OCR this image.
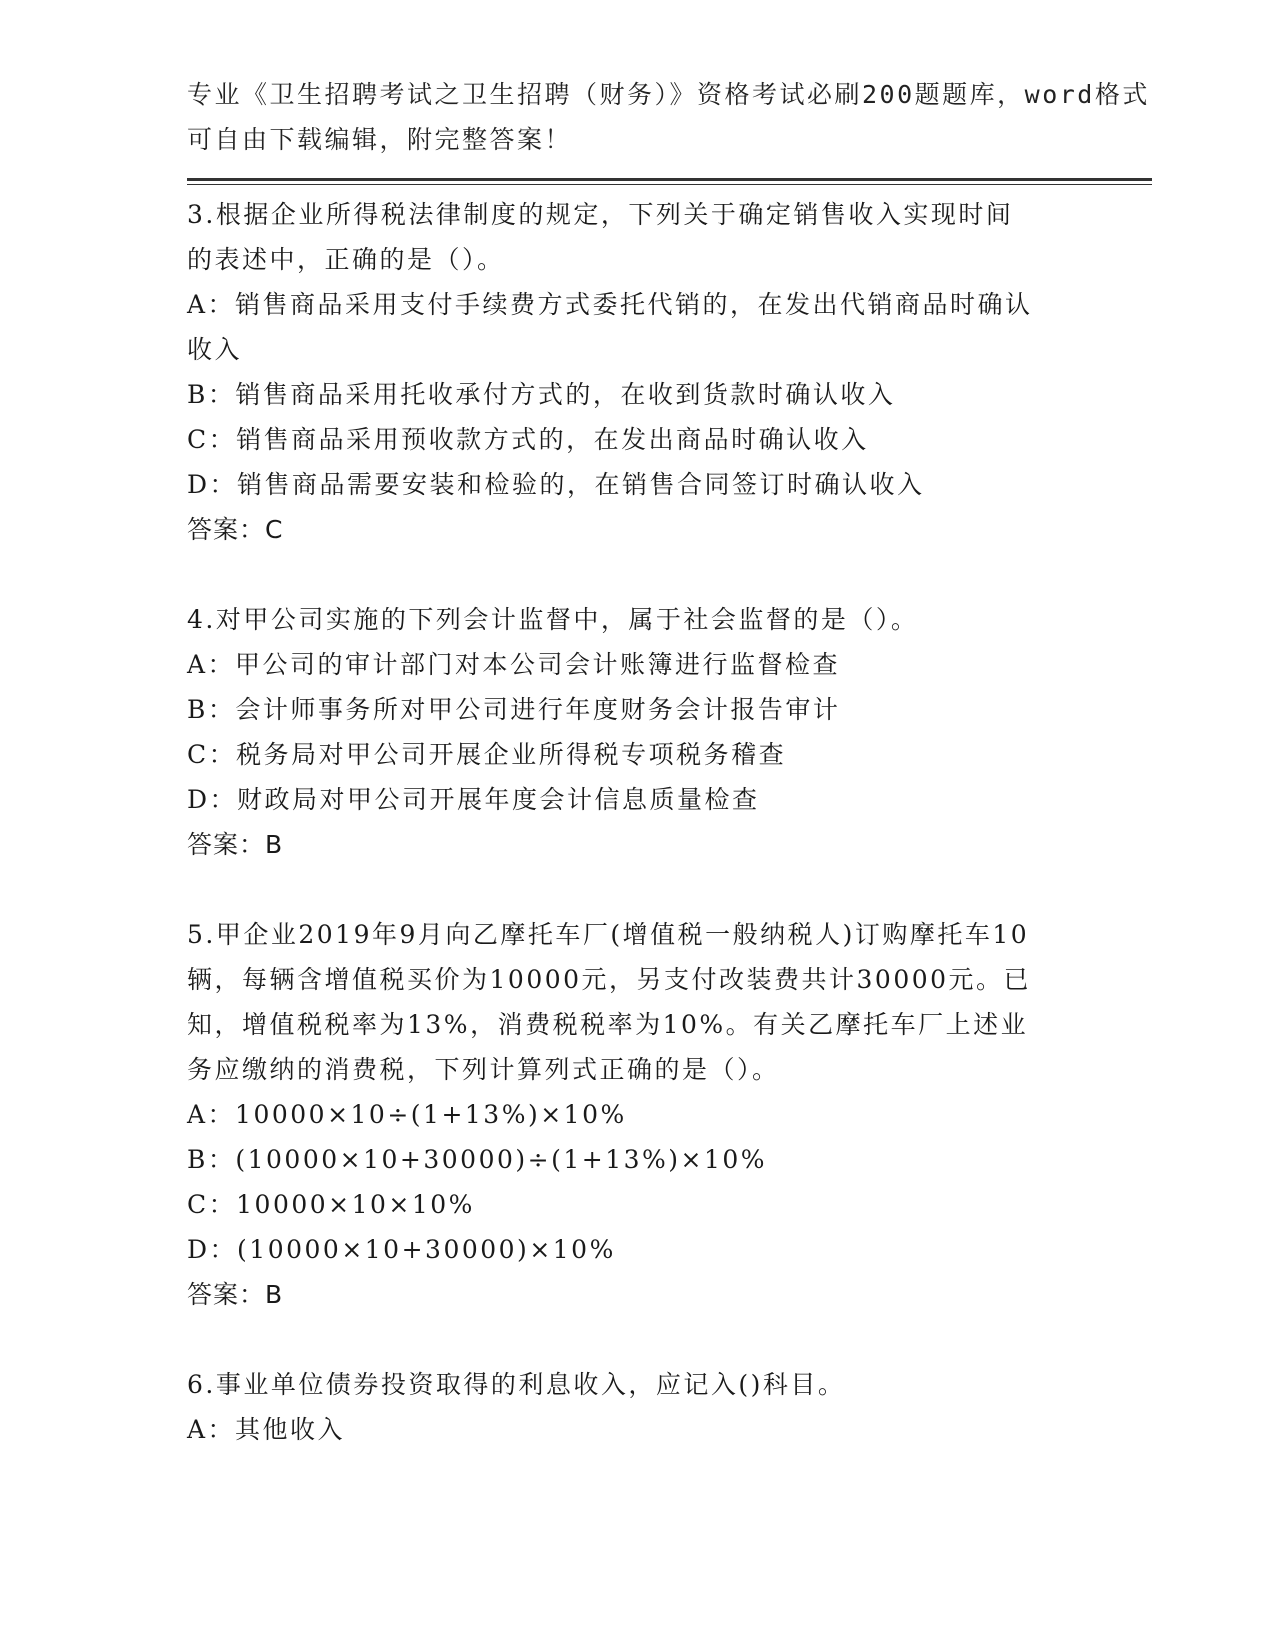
专业《卫生招聘考试之卫生招聘（财务）》资格考试必刷200题题库，word格式
可自由下载编辑，附完整答案！
3.根据企业所得税法律制度的规定，下列关于确定销售收入实现时间
的表述中，正确的是（）。
A：销售商品采用支付手续费方式委托代销的，在发出代销商品时确认
收入
B：销售商品采用托收承付方式的，在收到货款时确认收入
C：销售商品采用预收款方式的，在发出商品时确认收入
D：销售商品需要安装和检验的，在销售合同签订时确认收入
答案：C
4.对甲公司实施的下列会计监督中，属于社会监督的是（）。
A：甲公司的审计部门对本公司会计账簿进行监督检查
B：会计师事务所对甲公司进行年度财务会计报告审计
C：税务局对甲公司开展企业所得税专项税务稽查
D：财政局对甲公司开展年度会计信息质量检查
答案：B
5.甲企业2019年9月向乙摩托车厂(增值税一般纳税人)订购摩托车10
辆，每辆含增值税买价为10000元，另支付改装费共计30000元。已
知，增值税税率为13%，消费税税率为10%。有关乙摩托车厂上述业
务应缴纳的消费税，下列计算列式正确的是（）。
A：10000×10÷(1+13%)×10%
B：(10000×10+30000)÷(1+13%)×10%
C：10000×10×10%
D：(10000×10+30000)×10%
答案：B
6.事业单位债券投资取得的利息收入，应记入()科目。
A：其他收入
